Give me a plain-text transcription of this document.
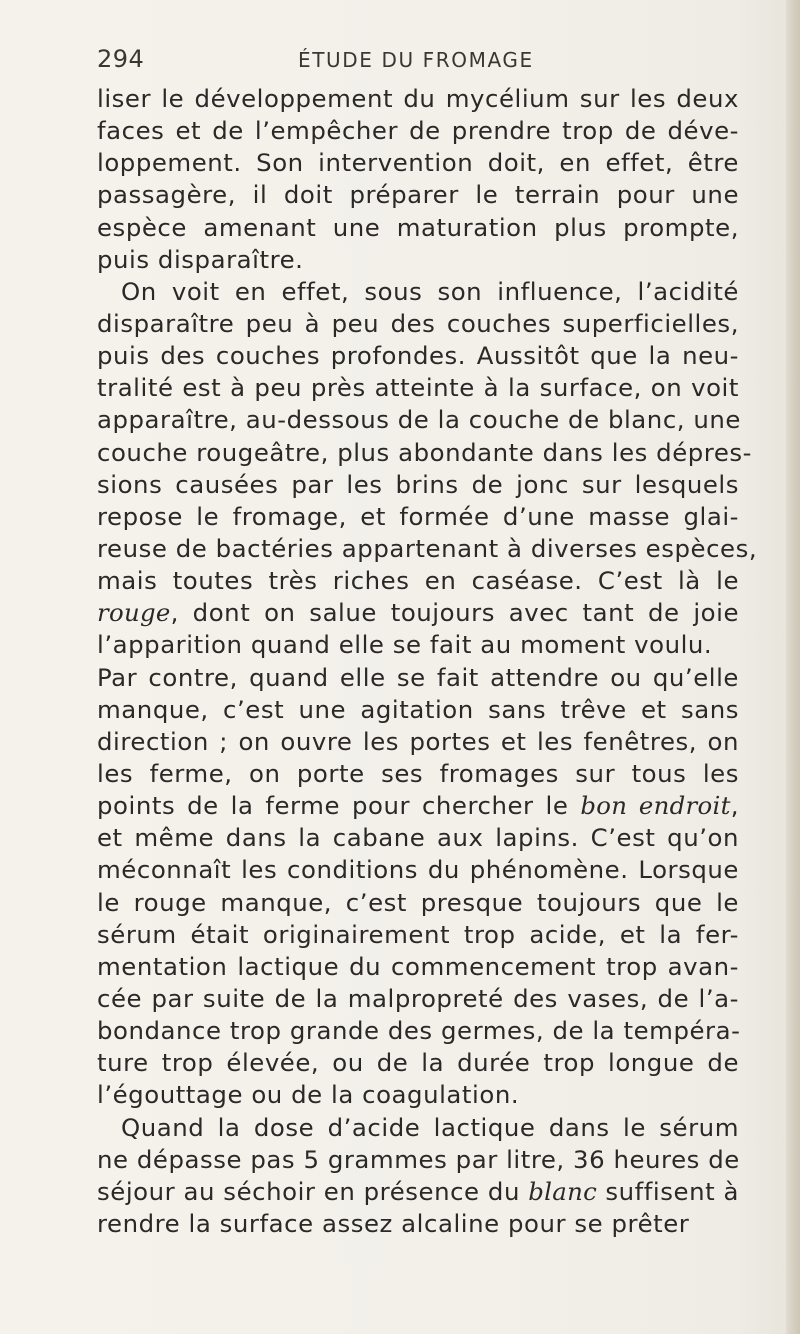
294	ÉTUDE DU FROMAGE
liser le développement du mycélium sur les deux
faces et de l’empêcher de prendre trop de déve-
loppement. Son intervention doit, en effet, être
passagère, il doit préparer le terrain pour une
espèce amenant une maturation plus prompte,
puis disparaître.
On voit en effet, sous son influence, l’acidité
disparaître peu à peu des couches superficielles,
puis des couches profondes. Aussitôt que la neu-
tralité est à peu près atteinte à la surface, on voit
apparaître, au-dessous de la couche de blanc, une
couche rougeâtre, plus abondante dans les dépres-
sions causées par les brins de jonc sur lesquels
repose le fromage, et formée d’une masse glai-
reuse de bactéries appartenant à diverses espèces,
mais toutes très riches en caséase. C’est là le
rouge, dont on salue toujours avec tant de joie
l’apparition quand elle se fait au moment voulu.
Par contre, quand elle se fait attendre ou qu’elle
manque, c’est une agitation sans trêve et sans
direction ; on ouvre les portes et les fenêtres, on
les ferme, on porte ses fromages sur tous les
points de la ferme pour chercher le bon endroit,
et même dans la cabane aux lapins. C’est qu’on
méconnaît les conditions du phénomène. Lorsque
le rouge manque, c’est presque toujours que le
sérum était originairement trop acide, et la fer-
mentation lactique du commencement trop avan-
cée par suite de la malpropreté des vases, de l’a-
bondance trop grande des germes, de la tempéra-
ture trop élevée, ou de la durée trop longue de
l’égouttage ou de la coagulation.
Quand la dose d’acide lactique dans le sérum
ne dépasse pas 5 grammes par litre, 36 heures de
séjour au séchoir en présence du blanc suffisent à
rendre la surface assez alcaline pour se prêter
